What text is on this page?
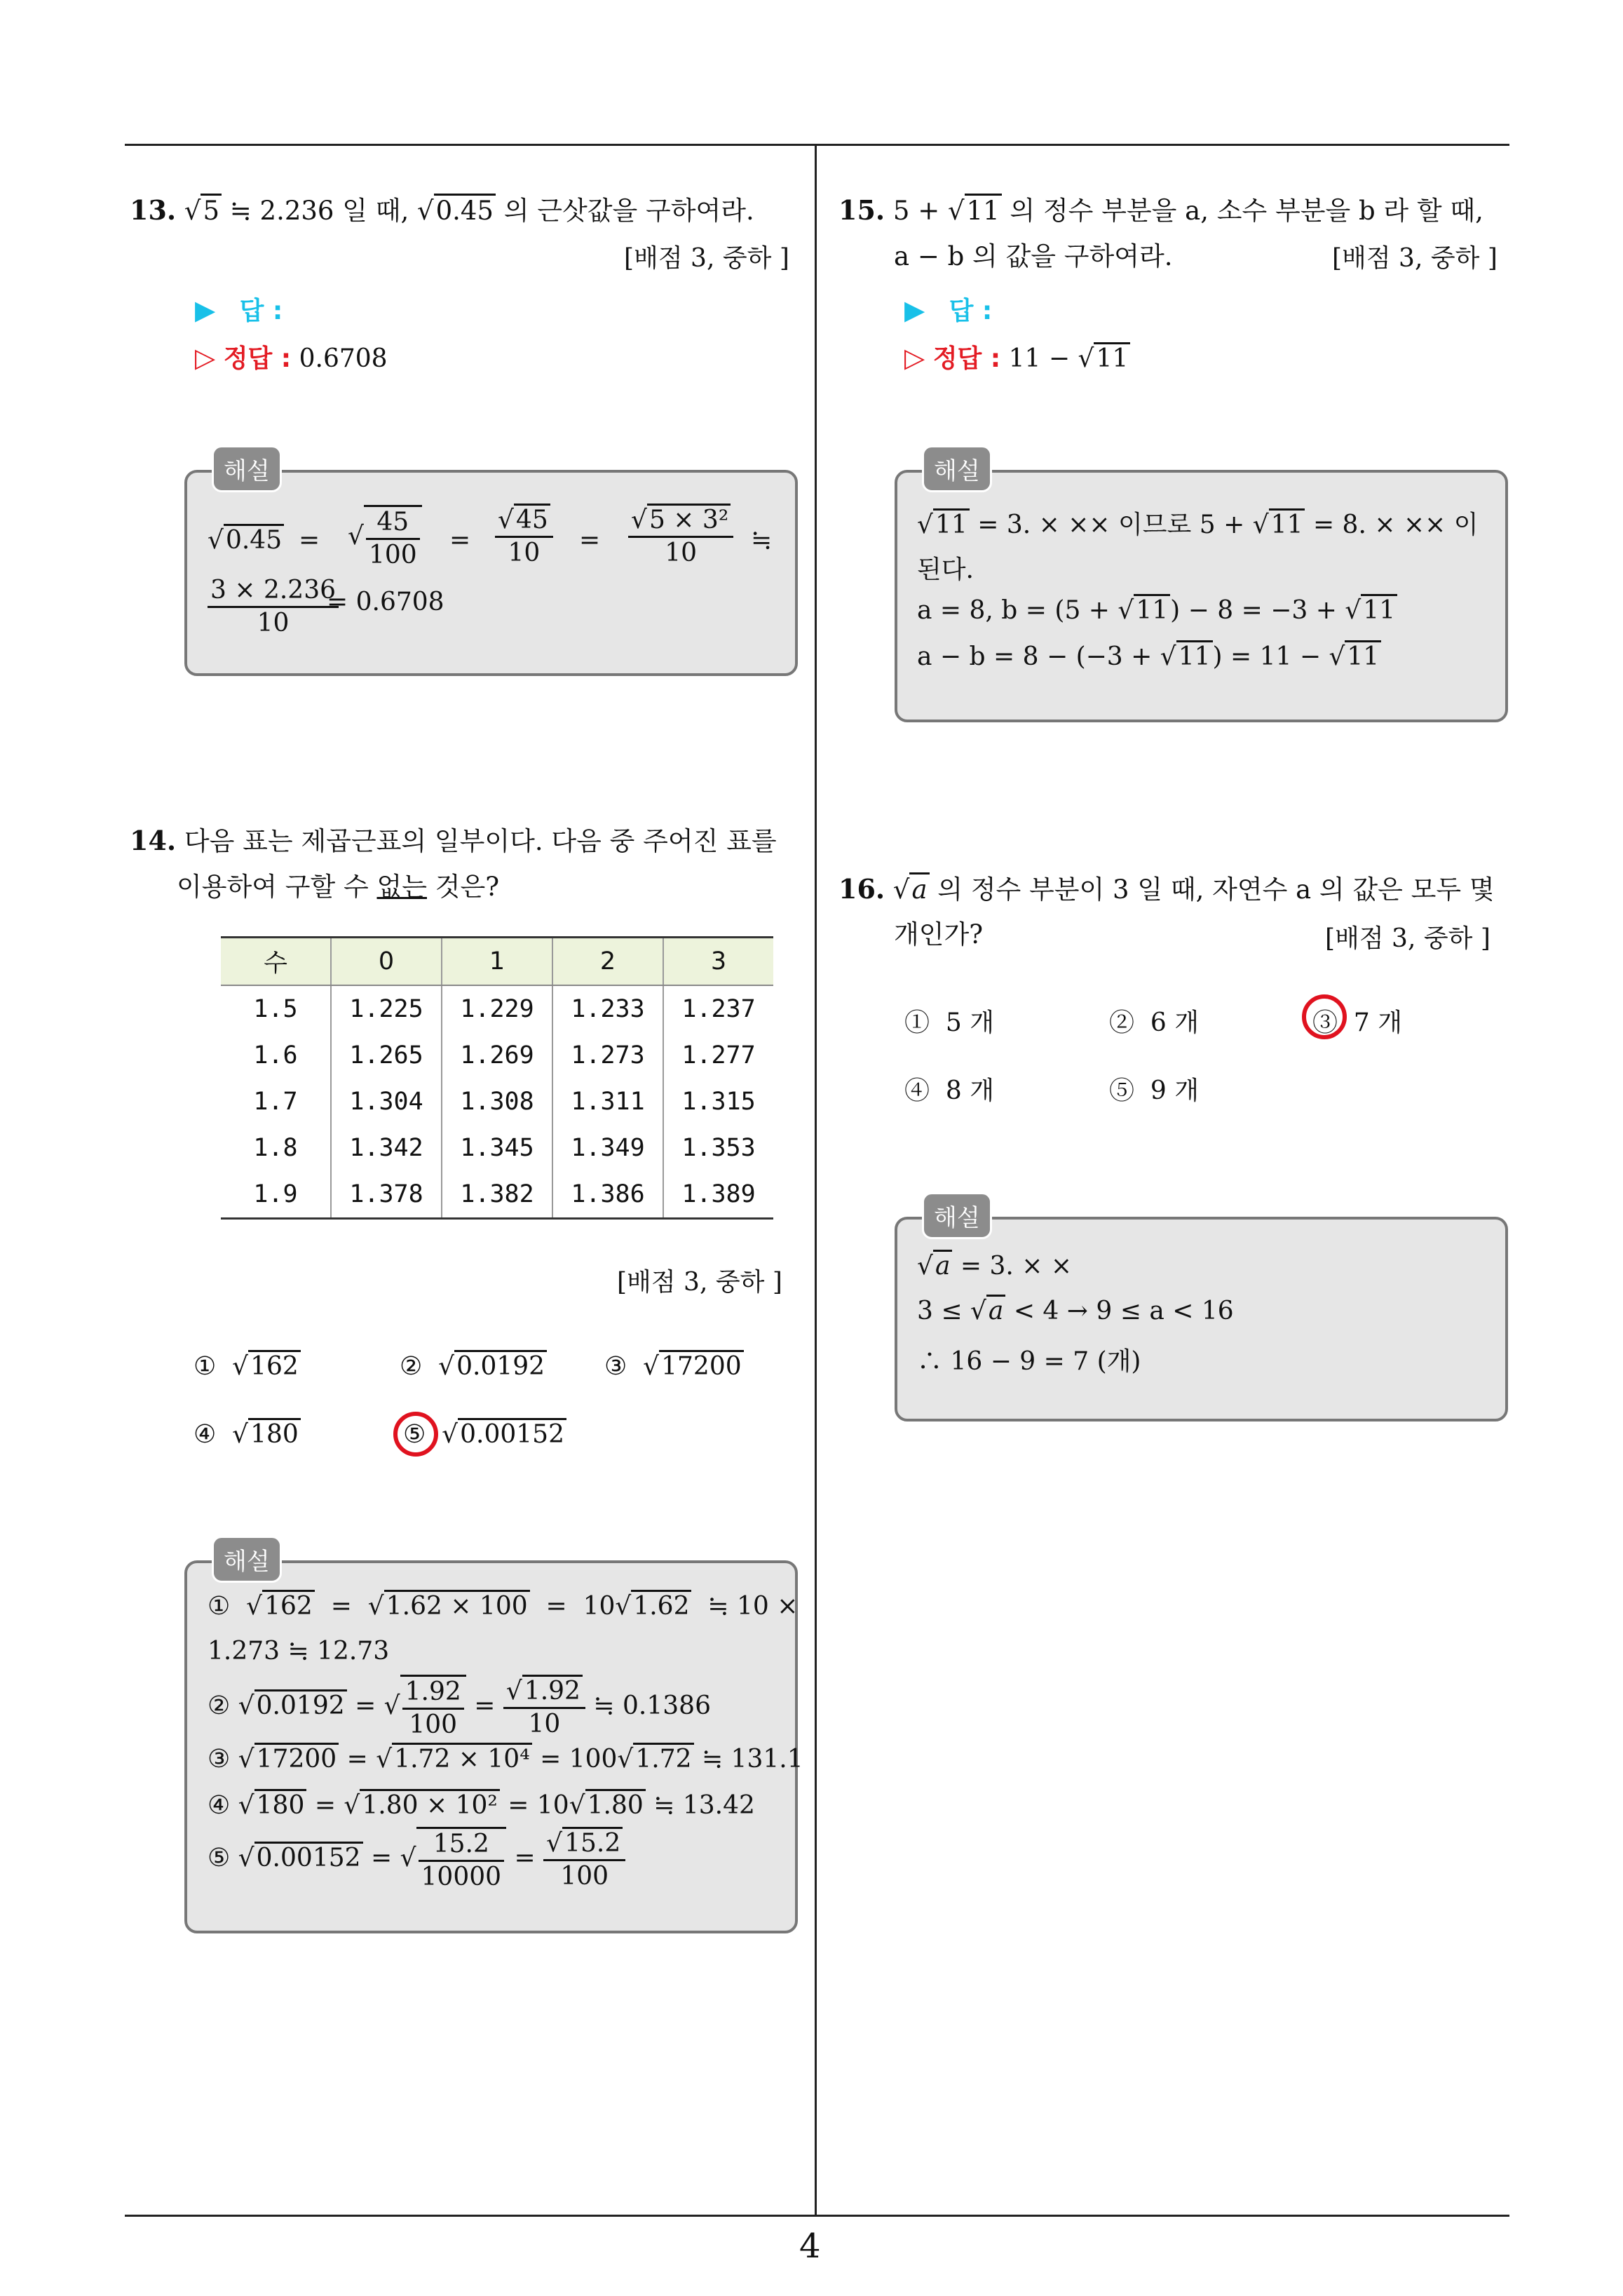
4
13. √5 ≒ 2.236 일 때, √0.45 의 근삿값을 구하여라.
[배점 3, 중하 ]
▶ 답 :
▷ 정답 : 0.6708
해설
√0.45 = √ $\frac{45}{100} = \frac{√45}{10} = \frac{\text{√5 × 3²}}{10}$ ≒
$\frac{3 \times 2.236}{10}$
= 0.6708
14. 다음 표는 제곱근표의 일부이다. 다음 중 주어진 표를
이용하여 구할 수 없는 것은?
수	0	1	2	3
1.5	1.225	1.229	1.233	1.237
1.6	1.265	1.269	1.273	1.277
1.7	1.304	1.308	1.311	1.315
1.8	1.342	1.345	1.349	1.353
1.9	1.378	1.382	1.386	1.389
[배점 3, 중하 ]
①  √162	②  √0.0192 ③  √17200
④  √180	⑤  √0.00152
해설
①  √162  =  √1.62 × 100  =  10√1.62 ≒ 10 ×
1.273 ≒ 12.73
② √0.0192 = √ $\frac{1.92}{100} = \frac{√1.92}{10}$ ≒ 0.1386
③ √17200 = √1.72 × 10⁴ = 100√1.72 ≒ 131.1
④ √180 = √1.80 × 10² = 10√1.80 ≒ 13.42
⑤ √0.00152 = √ $\frac{15.2}{10000} = \frac{√15.2}{100}$
15. 5 + √11 의 정수 부분을 a, 소수 부분을 b 라 할 때,
a − b 의 값을 구하여라.	[배점 3, 중하 ]
▶ 답 :
▷ 정답 : 11 − √11
해설
√11 = 3. × ×× 이므로 5 + √11 = 8. × ×× 이
된다.
a = 8, b = (5 + √11) − 8 = −3 + √11
a − b = 8 − (−3 + √11) = 11 − √11
16. √a 의 정수 부분이 3 일 때, 자연수 a 의 값은 모두 몇
개인가?	[배점 3, 중하 ]
① 5 개	② 6 개	③ 7 개
④ 8 개	⑤ 9 개
해설
√a = 3. × ×
3 ≤ √a < 4 → 9 ≤ a < 16
∴ 16 − 9 = 7 (개)
